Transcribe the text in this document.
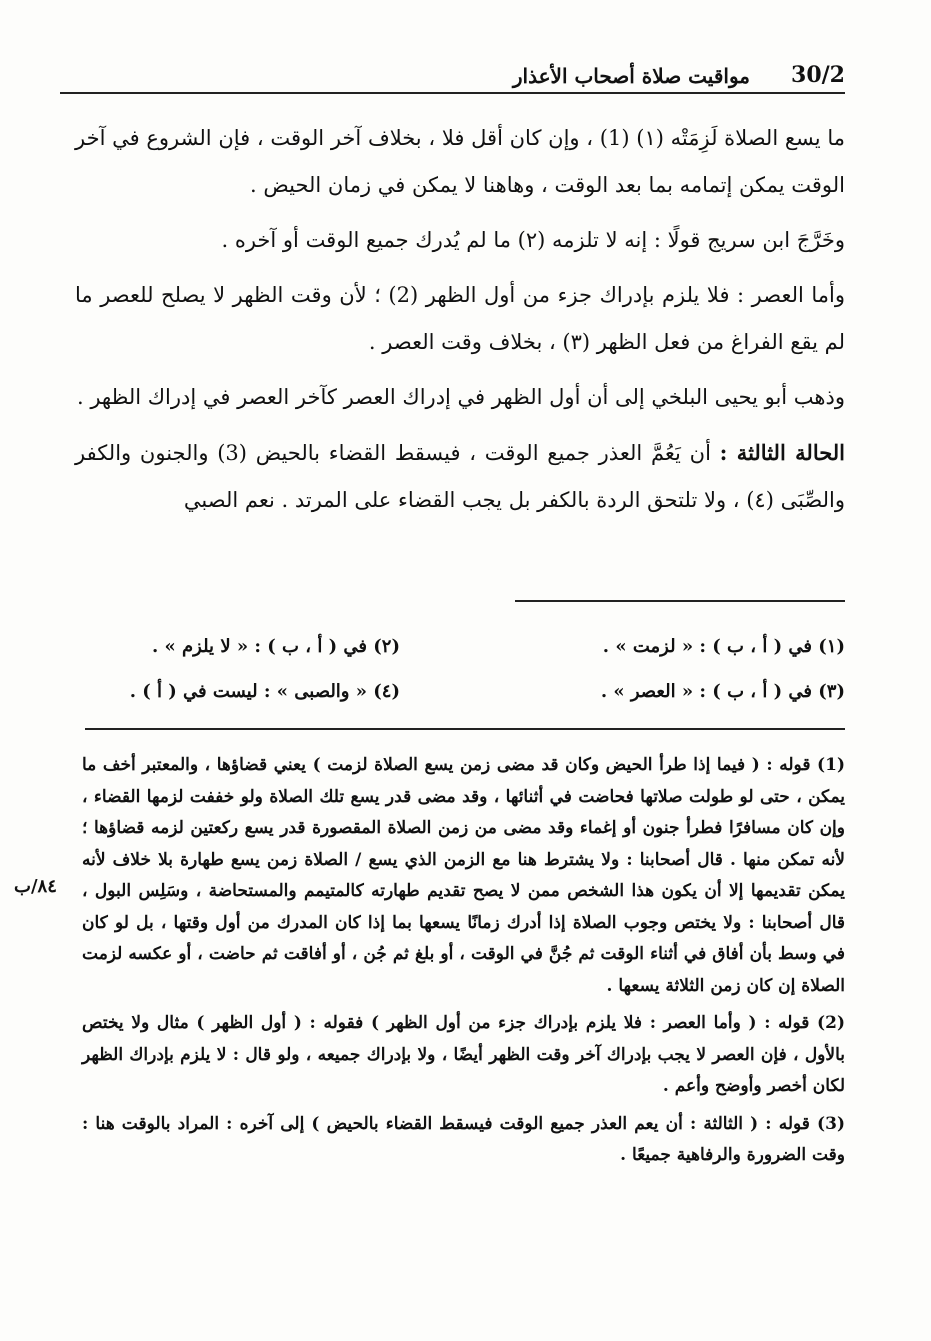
30/2
مواقيت صلاة أصحاب الأعذار

ما يسع الصلاة لَزِمَتْه (١) (1) ، وإن كان أقل فلا ، بخلاف آخر الوقت ، فإن الشروع في آخر الوقت يمكن إتمامه بما بعد الوقت ، وهاهنا لا يمكن في زمان الحيض .

وخَرَّجَ ابن سريج قولًا : إنه لا تلزمه (٢) ما لم يُدرك جميع الوقت أو آخره .

وأما العصر : فلا يلزم بإدراك جزء من أول الظهر (2) ؛ لأن وقت الظهر لا يصلح للعصر ما لم يقع الفراغ من فعل الظهر (٣) ، بخلاف وقت العصر .

وذهب أبو يحيى البلخي إلى أن أول الظهر في إدراك العصر كآخر العصر في إدراك الظهر .

الحالة الثالثة : أن يَعُمَّ العذر جميع الوقت ، فيسقط القضاء بالحيض (3) والجنون والكفر والصِّبَى (٤) ، ولا تلتحق الردة بالكفر بل يجب القضاء على المرتد . نعم الصبي

(١) في ( أ ، ب ) : « لزمت » .
(٢) في ( أ ، ب ) : « لا يلزم » .
(٣) في ( أ ، ب ) : « العصر » .
(٤) « والصبى » : ليست في ( أ ) .

(1) قوله : ( فيما إذا طرأ الحيض وكان قد مضى زمن يسع الصلاة لزمت ) يعني قضاؤها ، والمعتبر أخف ما يمكن ، حتى لو طولت صلاتها فحاضت في أثنائها ، وقد مضى قدر يسع تلك الصلاة ولو خففت لزمها القضاء ، وإن كان مسافرًا فطرأ جنون أو إغماء وقد مضى من زمن الصلاة المقصورة قدر يسع ركعتين لزمه قضاؤها ؛ لأنه تمكن منها . قال أصحابنا : ولا يشترط هنا مع الزمن الذي يسع / الصلاة زمن يسع طهارة بلا خلاف لأنه يمكن تقديمها إلا أن يكون هذا الشخص ممن لا يصح تقديم طهارته كالمتيمم والمستحاضة ، وسَلِس البول ، قال أصحابنا : ولا يختص وجوب الصلاة إذا أدرك زمانًا يسعها بما إذا كان المدرك من أول وقتها ، بل لو كان في وسط بأن أفاق في أثناء الوقت ثم جُنَّ في الوقت ، أو بلغ ثم جُن ، أو أفاقت ثم حاضت ، أو عكسه لزمت الصلاة إن كان زمن الثلاثة يسعها .

(2) قوله : ( وأما العصر : فلا يلزم بإدراك جزء من أول الظهر ) فقوله : ( أول الظهر ) مثال ولا يختص بالأول ، فإن العصر لا يجب بإدراك آخر وقت الظهر أيضًا ، ولا بإدراك جميعه ، ولو قال : لا يلزم بإدراك الظهر لكان أخصر وأوضح وأعم .

(3) قوله : ( الثالثة : أن يعم العذر جميع الوقت فيسقط القضاء بالحيض ) إلى آخره : المراد بالوقت هنا : وقت الضرورة والرفاهية جميعًا .

٨٤/ب
